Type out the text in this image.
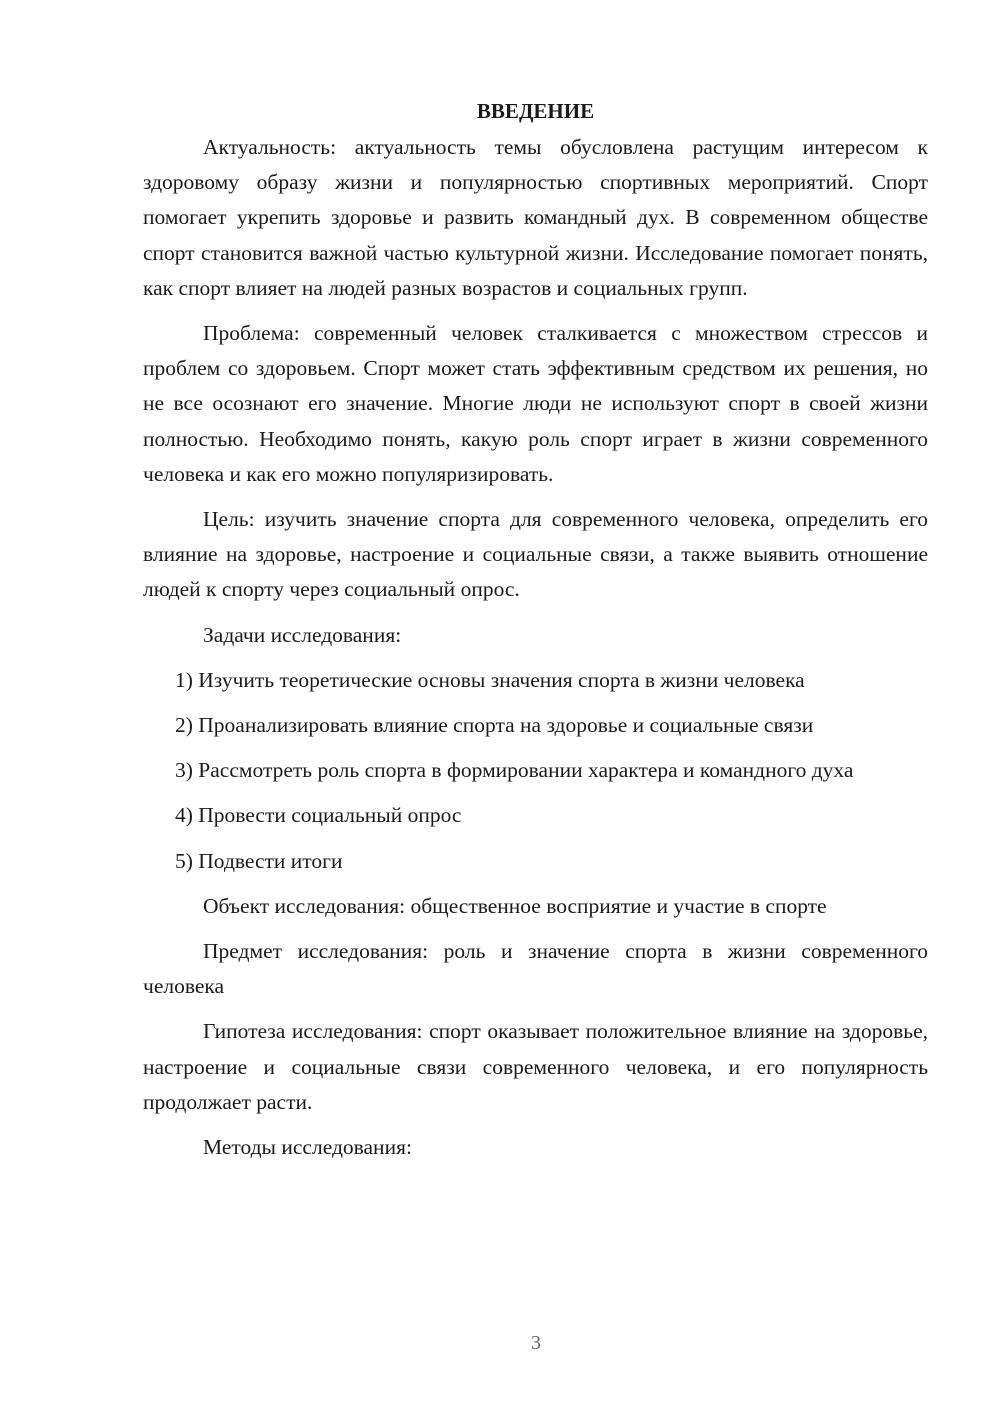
ВВЕДЕНИЕ

Актуальность: актуальность темы обусловлена растущим интересом к здоровому образу жизни и популярностью спортивных мероприятий. Спорт помогает укрепить здоровье и развить командный дух. В современном обществе спорт становится важной частью культурной жизни. Исследование помогает понять, как спорт влияет на людей разных возрастов и социальных групп.

Проблема: современный человек сталкивается с множеством стрессов и проблем со здоровьем. Спорт может стать эффективным средством их решения, но не все осознают его значение. Многие люди не используют спорт в своей жизни полностью. Необходимо понять, какую роль спорт играет в жизни современного человека и как его можно популяризировать.

Цель: изучить значение спорта для современного человека, определить его влияние на здоровье, настроение и социальные связи, а также выявить отношение людей к спорту через социальный опрос.

Задачи исследования:

1) Изучить теоретические основы значения спорта в жизни человека

2) Проанализировать влияние спорта на здоровье и социальные связи

3) Рассмотреть роль спорта в формировании характера и командного духа

4) Провести социальный опрос

5) Подвести итоги

Объект исследования: общественное восприятие и участие в спорте

Предмет исследования: роль и значение спорта в жизни современного человека

Гипотеза исследования: спорт оказывает положительное влияние на здоровье, настроение и социальные связи современного человека, и его популярность продолжает расти.

Методы исследования:

3
